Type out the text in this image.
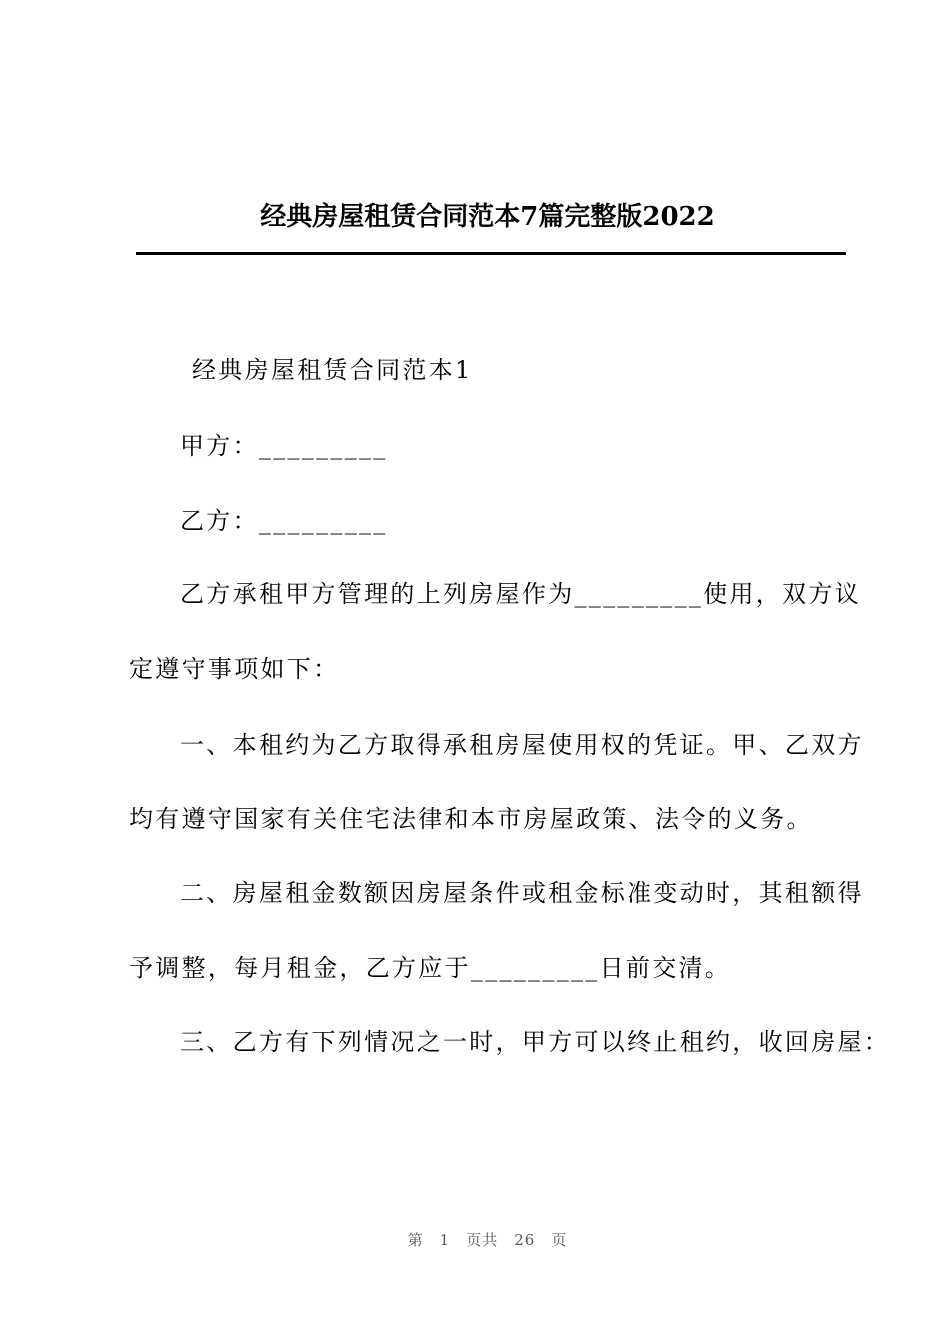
经典房屋租赁合同范本7篇完整版2022
经典房屋租赁合同范本1
甲方：_________
乙方：_________
乙方承租甲方管理的上列房屋作为_________使用，双方议
定遵守事项如下：
一、本租约为乙方取得承租房屋使用权的凭证。甲、乙双方
均有遵守国家有关住宅法律和本市房屋政策、法令的义务。
二、房屋租金数额因房屋条件或租金标准变动时，其租额得
予调整，每月租金，乙方应于_________日前交清。
三、乙方有下列情况之一时，甲方可以终止租约，收回房屋：
第 1 页共 26 页
